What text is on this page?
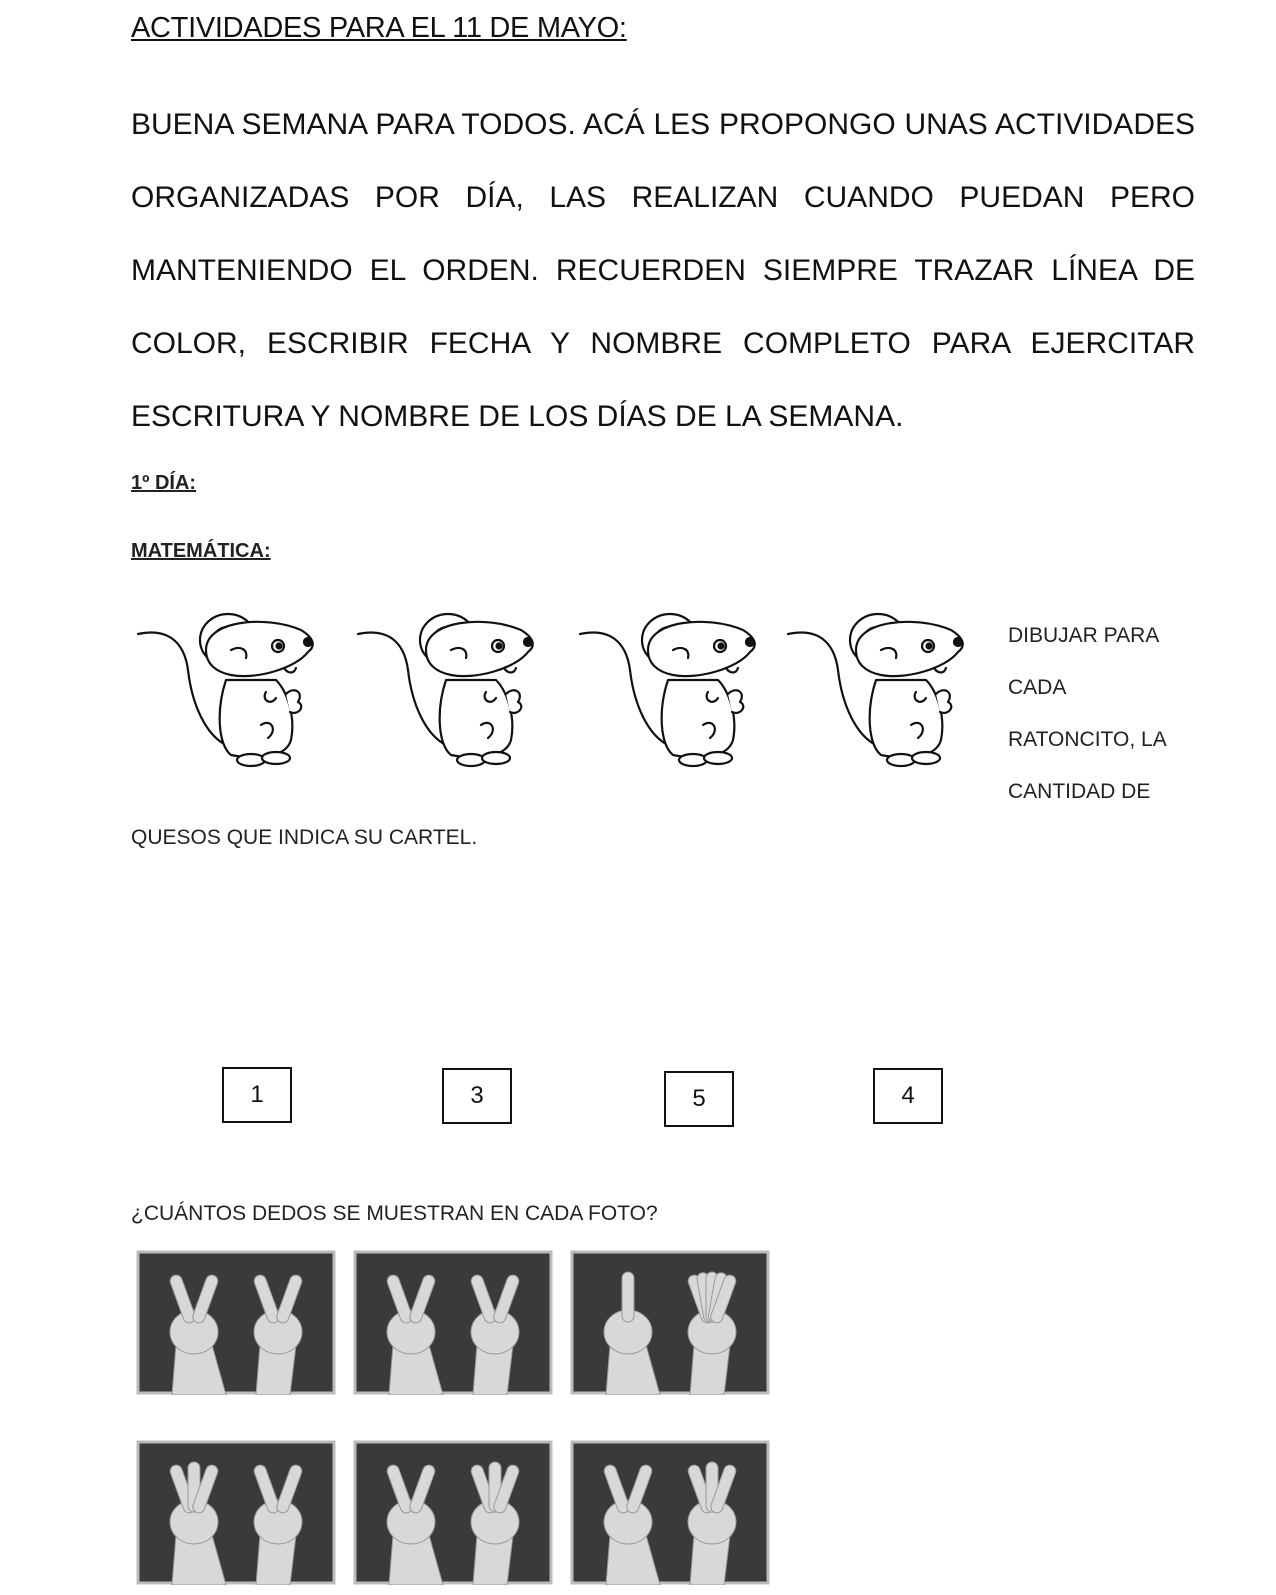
ACTIVIDADES PARA EL 11 DE MAYO:

BUENA SEMANA PARA TODOS. ACÁ LES PROPONGO UNAS ACTIVIDADES ORGANIZADAS POR DÍA, LAS REALIZAN CUANDO PUEDAN PERO MANTENIENDO EL ORDEN. RECUERDEN SIEMPRE TRAZAR LÍNEA DE COLOR, ESCRIBIR FECHA Y NOMBRE COMPLETO PARA EJERCITAR ESCRITURA Y NOMBRE DE LOS DÍAS DE LA SEMANA.

1º DÍA:

MATEMÁTICA:

DIBUJAR PARA
CADA
RATONCITO, LA
CANTIDAD DE
QUESOS QUE INDICA SU CARTEL.
1	3	5	4
¿CUÁNTOS DEDOS SE MUESTRAN EN CADA FOTO?
